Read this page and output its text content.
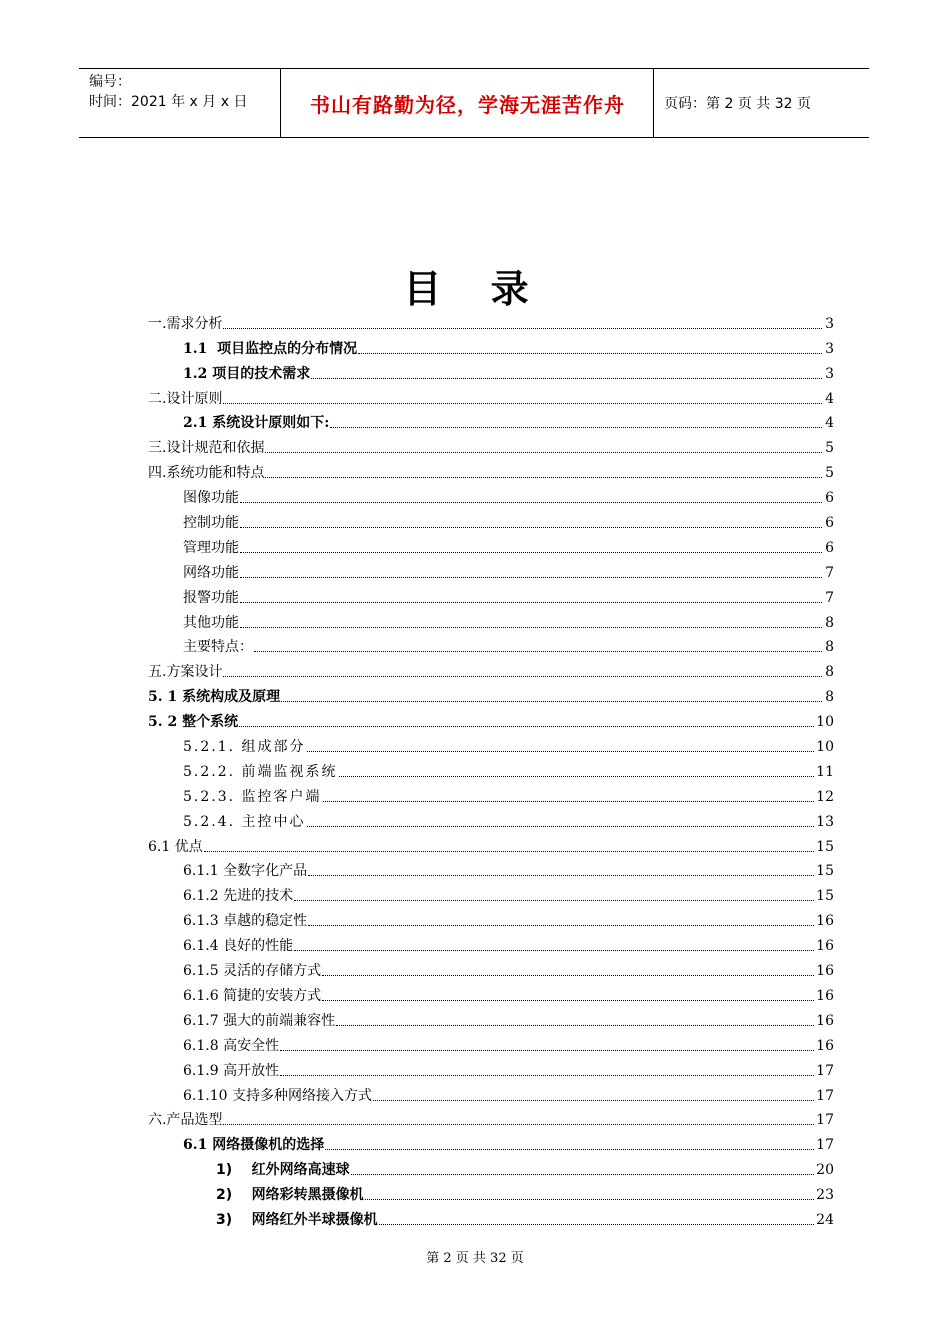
编号：
时间：2021 年 x 月 x 日	书山有路勤为径，学海无涯苦作舟	页码：第 2 页 共 32 页
目 录
一.需求分析	3
1.1  项目监控点的分布情况	3
1.2 项目的技术需求	3
二.设计原则	4
2.1 系统设计原则如下:	4
三.设计规范和依据	5
四.系统功能和特点	5
图像功能	6
控制功能	6
管理功能	6
网络功能	7
报警功能	7
其他功能	8
主要特点：	8
五.方案设计	8
5. 1 系统构成及原理	8
5. 2 整个系统	10
5.2.1. 组成部分	10
5.2.2. 前端监视系统	11
5.2.3. 监控客户端	12
5.2.4. 主控中心	13
6.1 优点	15
6.1.1 全数字化产品	15
6.1.2 先进的技术	15
6.1.3 卓越的稳定性	16
6.1.4 良好的性能	16
6.1.5 灵活的存储方式	16
6.1.6 简捷的安装方式	16
6.1.7 强大的前端兼容性	16
6.1.8 高安全性	16
6.1.9 高开放性	17
6.1.10 支持多种网络接入方式	17
六.产品选型	17
6.1 网络摄像机的选择	17
1)    红外网络高速球	20
2)    网络彩转黑摄像机	23
3)    网络红外半球摄像机	24
第 2 页 共 32 页
